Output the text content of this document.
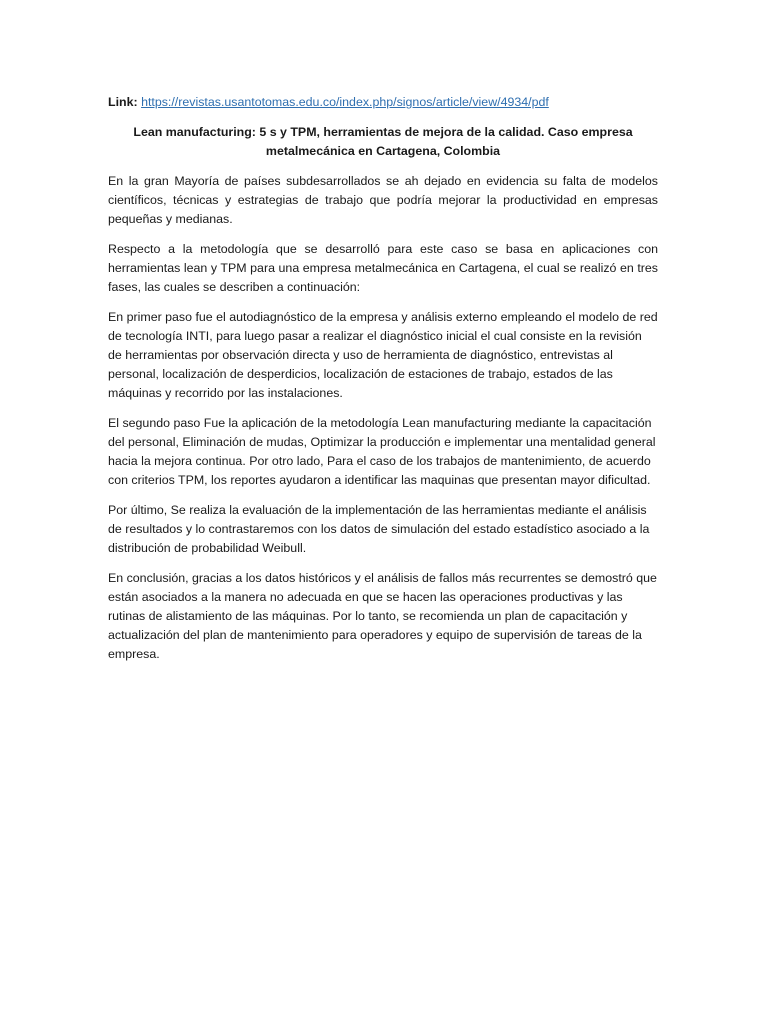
Link: https://revistas.usantotomas.edu.co/index.php/signos/article/view/4934/pdf

Lean manufacturing: 5 s y TPM, herramientas de mejora de la calidad. Caso empresa metalmecánica en Cartagena, Colombia

En la gran Mayoría de países subdesarrollados se ah dejado en evidencia su falta de modelos científicos, técnicas y estrategias de trabajo que podría mejorar la productividad en empresas pequeñas y medianas.

Respecto a la metodología que se desarrolló para este caso se basa en aplicaciones con herramientas lean y TPM para una empresa metalmecánica en Cartagena, el cual se realizó en tres fases, las cuales se describen a continuación:

En primer paso fue el autodiagnóstico de la empresa y análisis externo empleando el modelo de red de tecnología INTI, para luego pasar a realizar el diagnóstico inicial el cual consiste en la revisión de herramientas por observación directa y uso de herramienta de diagnóstico, entrevistas al personal, localización de desperdicios, localización de estaciones de trabajo, estados de las máquinas y recorrido por las instalaciones.

El segundo paso Fue la aplicación de la metodología Lean manufacturing mediante la capacitación del personal, Eliminación de mudas, Optimizar la producción e implementar una mentalidad general hacia la mejora continua. Por otro lado, Para el caso de los trabajos de mantenimiento, de acuerdo con criterios TPM, los reportes ayudaron a identificar las maquinas que presentan mayor dificultad.

Por último, Se realiza la evaluación de la implementación de las herramientas mediante el análisis de resultados y lo contrastaremos con los datos de simulación del estado estadístico asociado a la distribución de probabilidad Weibull.

En conclusión, gracias a los datos históricos y el análisis de fallos más recurrentes se demostró que están asociados a la manera no adecuada en que se hacen las operaciones productivas y las rutinas de alistamiento de las máquinas. Por lo tanto, se recomienda un plan de capacitación y actualización del plan de mantenimiento para operadores y equipo de supervisión de tareas de la empresa.
